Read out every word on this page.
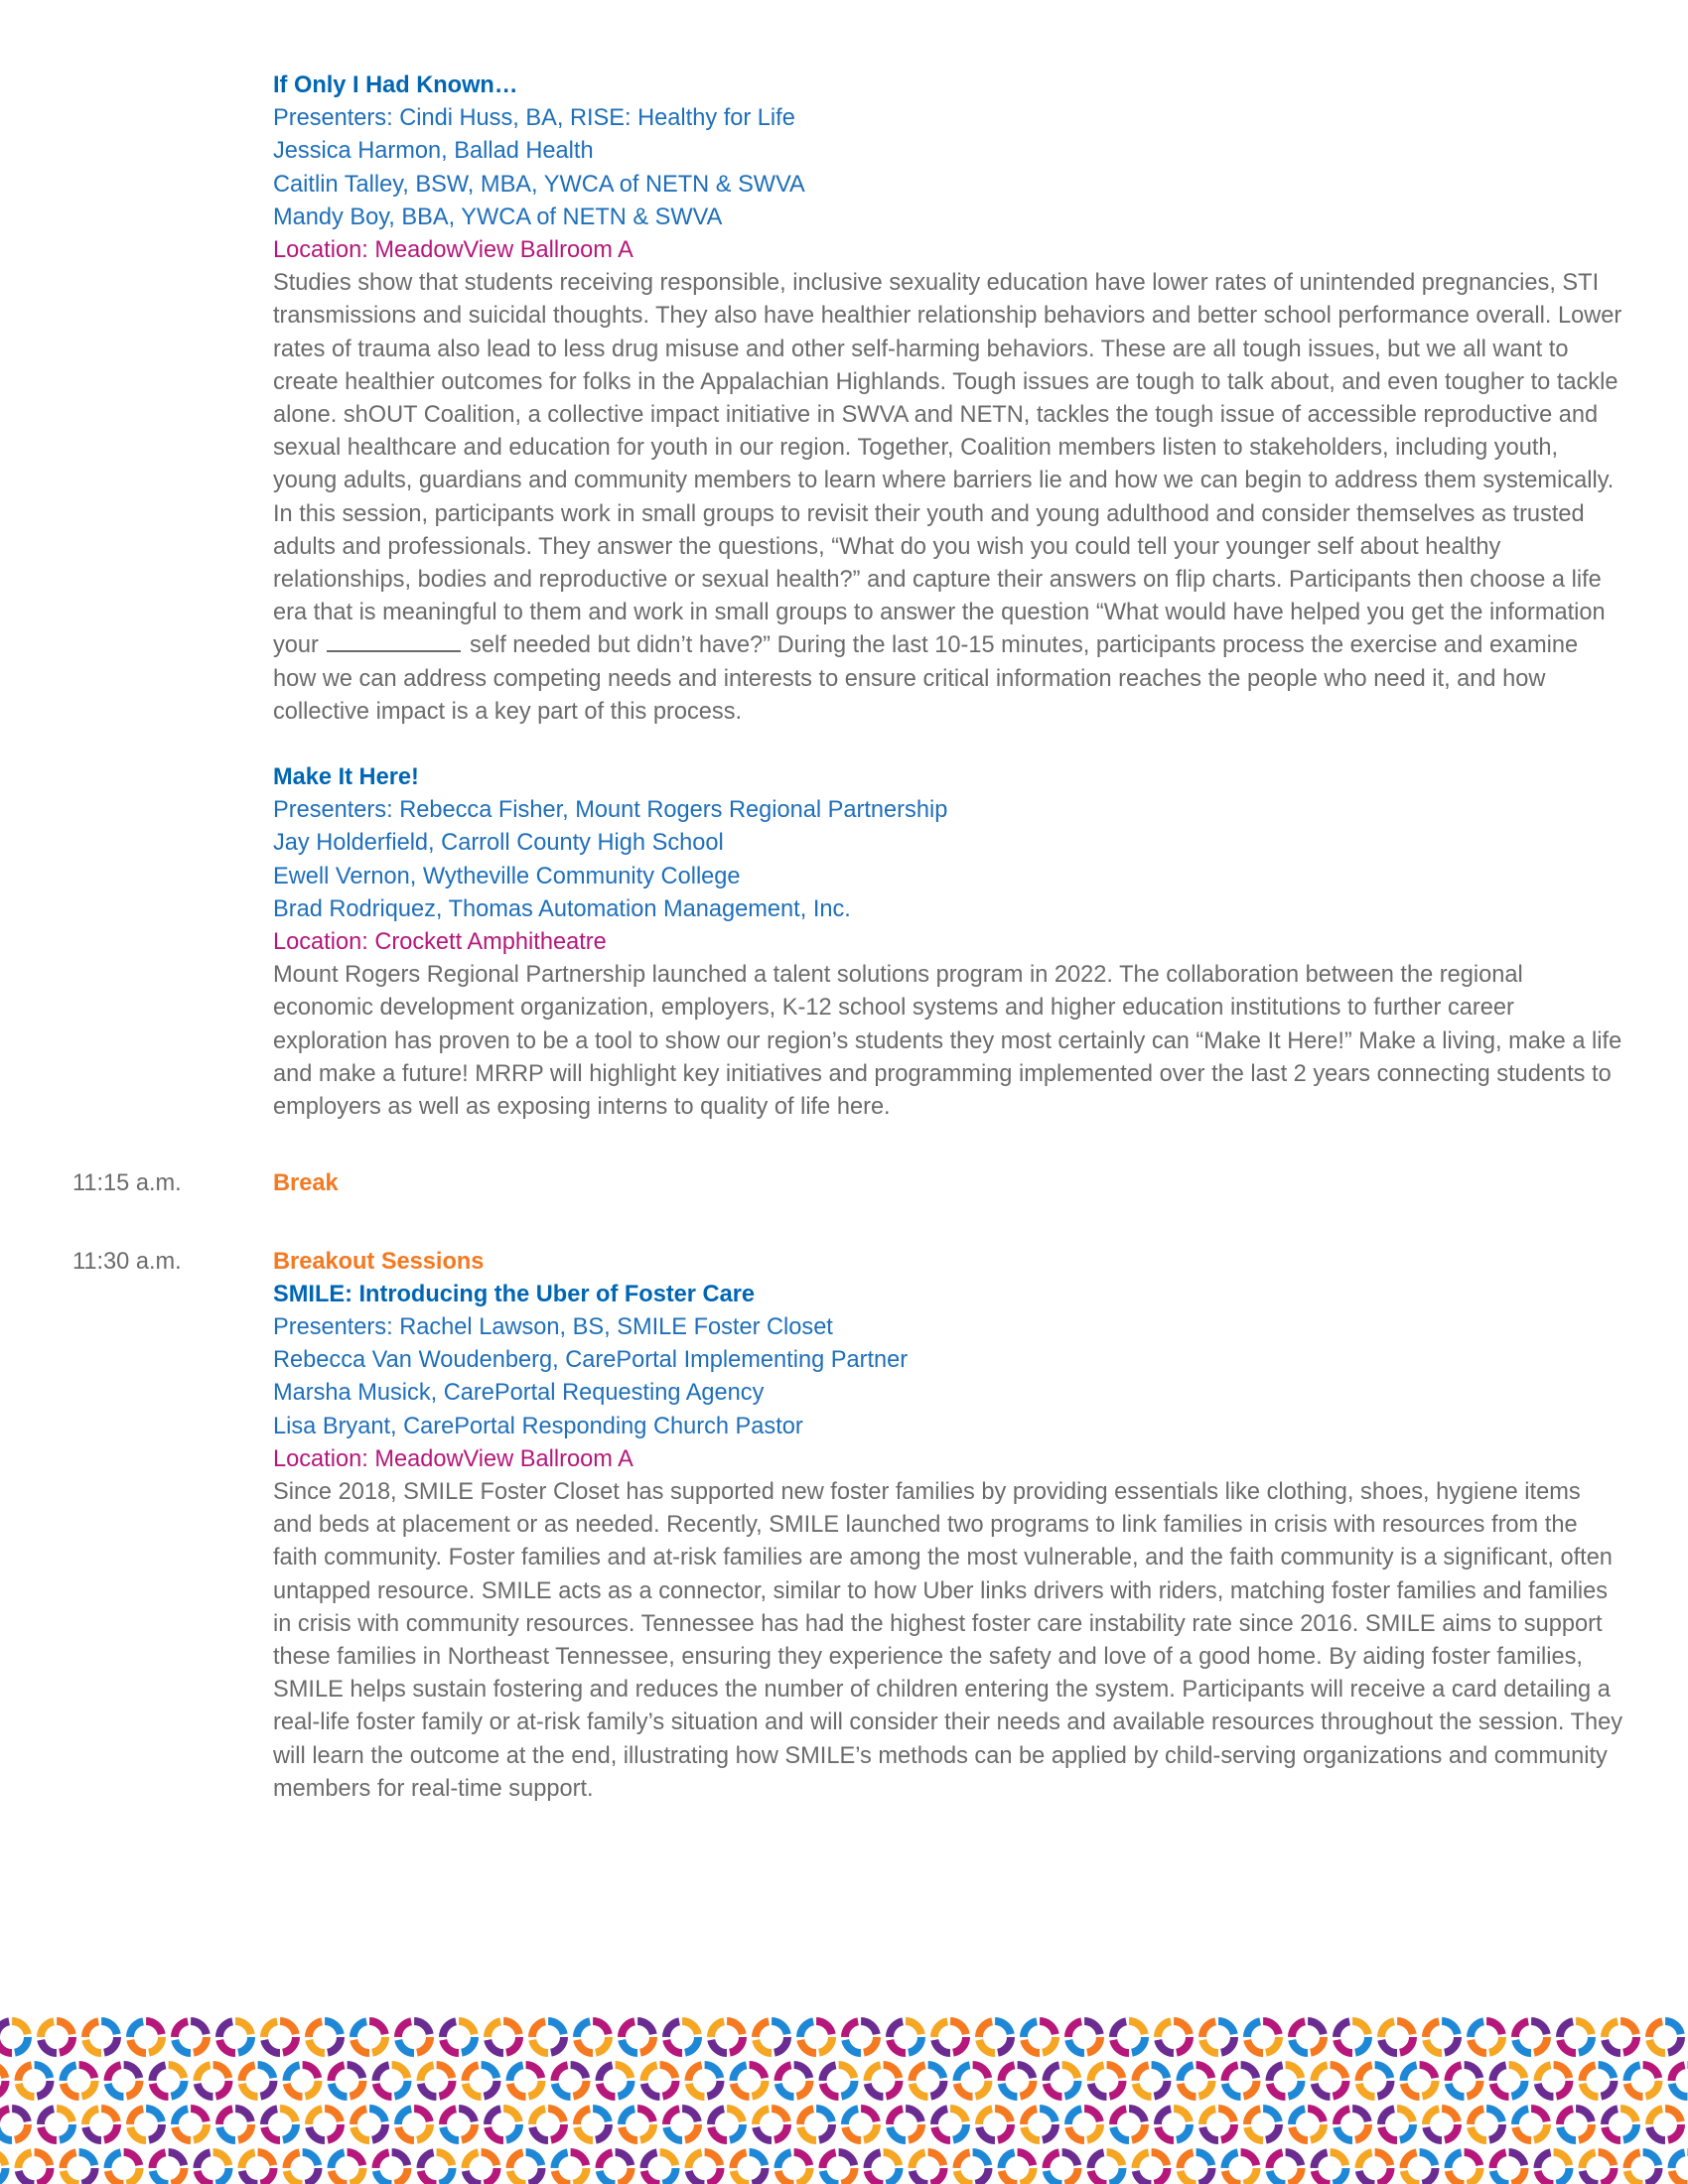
If Only I Had Known…
Presenters: Cindi Huss, BA, RISE: Healthy for Life
Jessica Harmon, Ballad Health
Caitlin Talley, BSW, MBA, YWCA of NETN & SWVA
Mandy Boy, BBA, YWCA of NETN & SWVA
Location: MeadowView Ballroom A
Studies show that students receiving responsible, inclusive sexuality education have lower rates of unintended pregnancies, STI transmissions and suicidal thoughts. They also have healthier relationship behaviors and better school performance overall. Lower rates of trauma also lead to less drug misuse and other self-harming behaviors. These are all tough issues, but we all want to create healthier outcomes for folks in the Appalachian Highlands. Tough issues are tough to talk about, and even tougher to tackle alone. shOUT Coalition, a collective impact initiative in SWVA and NETN, tackles the tough issue of accessible reproductive and sexual healthcare and education for youth in our region. Together, Coalition members listen to stakeholders, including youth, young adults, guardians and community members to learn where barriers lie and how we can begin to address them systemically. In this session, participants work in small groups to revisit their youth and young adulthood and consider themselves as trusted adults and professionals. They answer the questions, “What do you wish you could tell your younger self about healthy relationships, bodies and reproductive or sexual health?” and capture their answers on flip charts. Participants then choose a life era that is meaningful to them and work in small groups to answer the question “What would have helped you get the information your	self needed but didn’t have?” During the last 10-15 minutes, participants process the exercise and examine how we can address competing needs and interests to ensure critical information reaches the people who need it, and how collective impact is a key part of this process.
Make It Here!
Presenters: Rebecca Fisher, Mount Rogers Regional Partnership
Jay Holderfield, Carroll County High School
Ewell Vernon, Wytheville Community College
Brad Rodriquez, Thomas Automation Management, Inc.
Location: Crockett Amphitheatre
Mount Rogers Regional Partnership launched a talent solutions program in 2022. The collaboration between the regional economic development organization, employers, K-12 school systems and higher education institutions to further career exploration has proven to be a tool to show our region’s students they most certainly can “Make It Here!” Make a living, make a life and make a future! MRRP will highlight key initiatives and programming implemented over the last 2 years connecting students to employers as well as exposing interns to quality of life here.
11:15 a.m.	Break
11:30 a.m.	Breakout Sessions
SMILE: Introducing the Uber of Foster Care
Presenters: Rachel Lawson, BS, SMILE Foster Closet
Rebecca Van Woudenberg, CarePortal Implementing Partner
Marsha Musick, CarePortal Requesting Agency
Lisa Bryant, CarePortal Responding Church Pastor
Location: MeadowView Ballroom A
Since 2018, SMILE Foster Closet has supported new foster families by providing essentials like clothing, shoes, hygiene items and beds at placement or as needed. Recently, SMILE launched two programs to link families in crisis with resources from the faith community. Foster families and at-risk families are among the most vulnerable, and the faith community is a significant, often untapped resource. SMILE acts as a connector, similar to how Uber links drivers with riders, matching foster families and families in crisis with community resources. Tennessee has had the highest foster care instability rate since 2016. SMILE aims to support these families in Northeast Tennessee, ensuring they experience the safety and love of a good home. By aiding foster families, SMILE helps sustain fostering and reduces the number of children entering the system. Participants will receive a card detailing a real-life foster family or at-risk family’s situation and will consider their needs and available resources throughout the session. They will learn the outcome at the end, illustrating how SMILE’s methods can be applied by child-serving organizations and community members for real-time support.
